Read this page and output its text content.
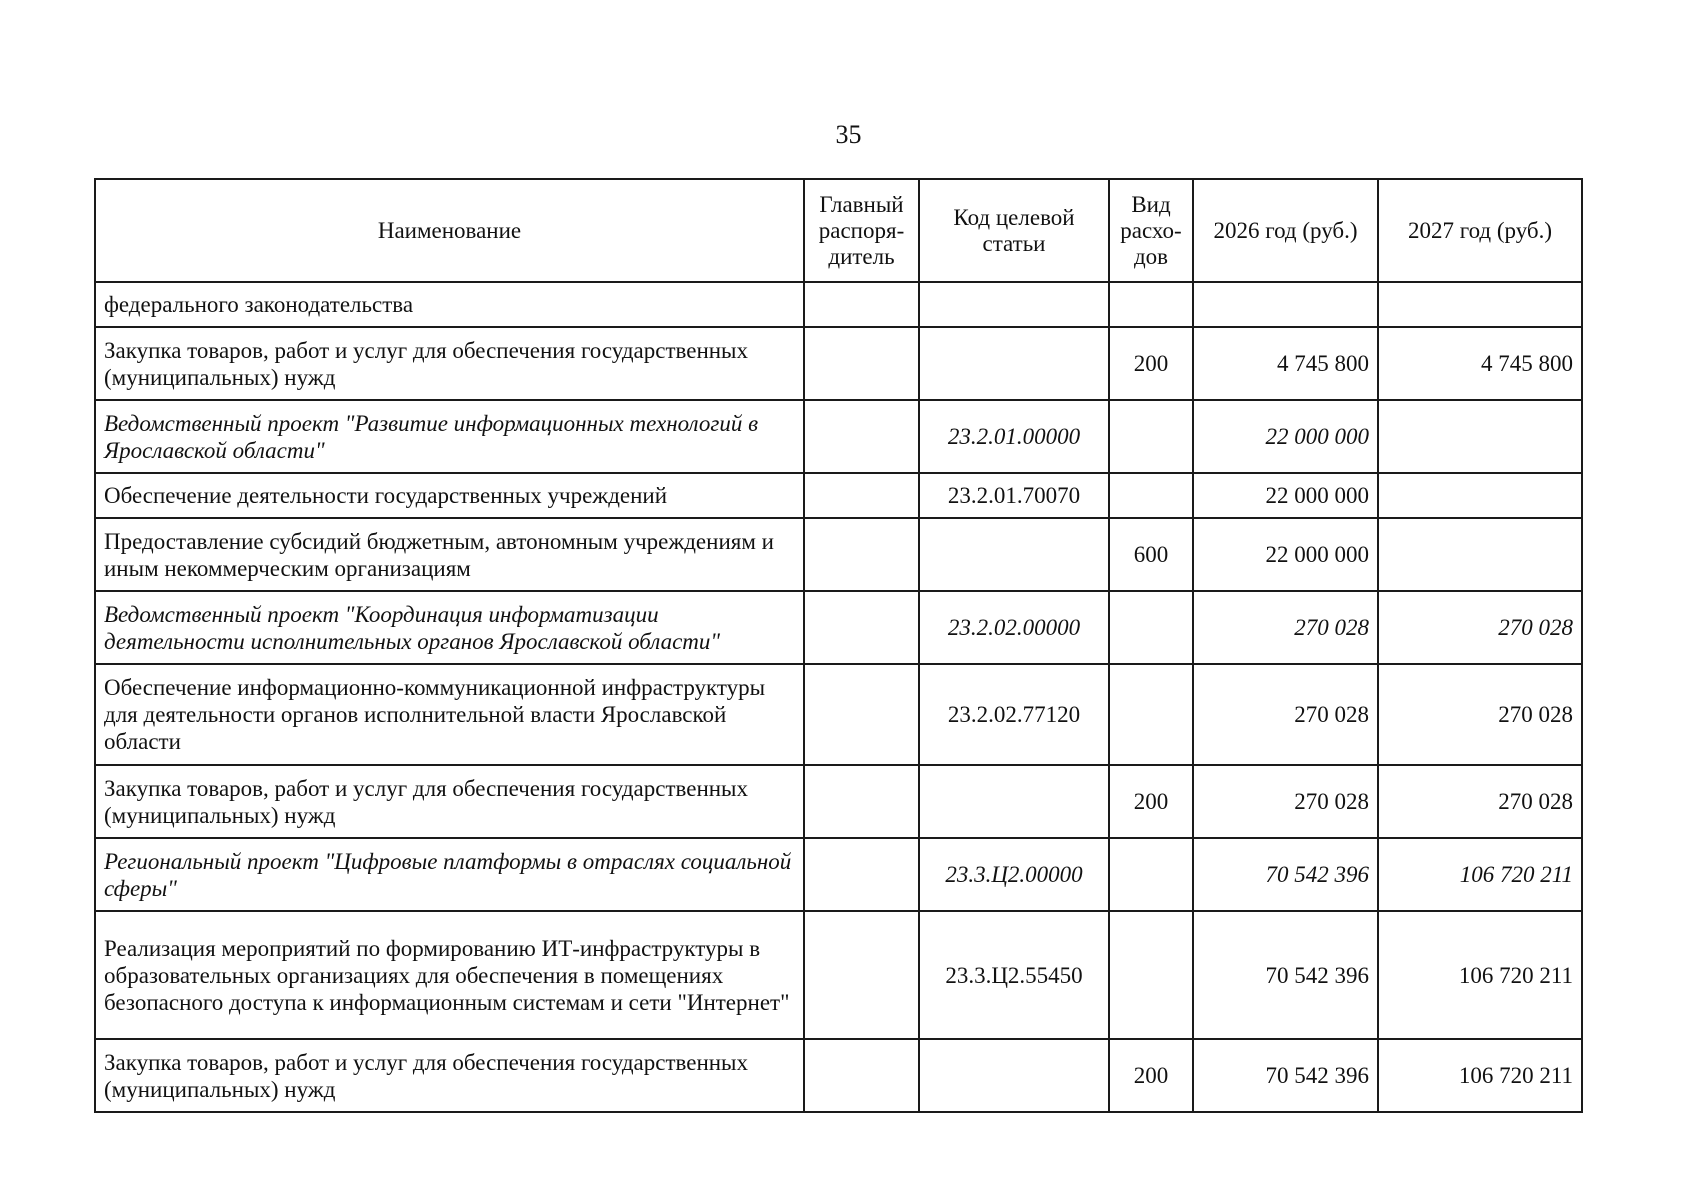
35
Наименование	Главный распоря-дитель	Код целевой статьи	Вид расхо-дов	2026 год (руб.)	2027 год (руб.)
федерального законодательства					
Закупка товаров, работ и услуг для обеспечения государственных (муниципальных) нужд			200	4 745 800	4 745 800
Ведомственный проект "Развитие информационных технологий в Ярославской области"		23.2.01.00000		22 000 000	
Обеспечение деятельности государственных учреждений		23.2.01.70070		22 000 000	
Предоставление субсидий бюджетным, автономным учреждениям и иным некоммерческим организациям			600	22 000 000	
Ведомственный проект "Координация информатизации деятельности исполнительных органов Ярославской области"		23.2.02.00000		270 028	270 028
Обеспечение информационно-коммуникационной инфраструктуры для деятельности органов исполнительной власти Ярославской области		23.2.02.77120		270 028	270 028
Закупка товаров, работ и услуг для обеспечения государственных (муниципальных) нужд			200	270 028	270 028
Региональный проект "Цифровые платформы в отраслях социальной сферы"		23.3.Ц2.00000		70 542 396	106 720 211
Реализация мероприятий по формированию ИТ-инфраструктуры в образовательных организациях для обеспечения в помещениях безопасного доступа к информационным системам и сети "Интернет"		23.3.Ц2.55450		70 542 396	106 720 211
Закупка товаров, работ и услуг для обеспечения государственных (муниципальных) нужд			200	70 542 396	106 720 211
